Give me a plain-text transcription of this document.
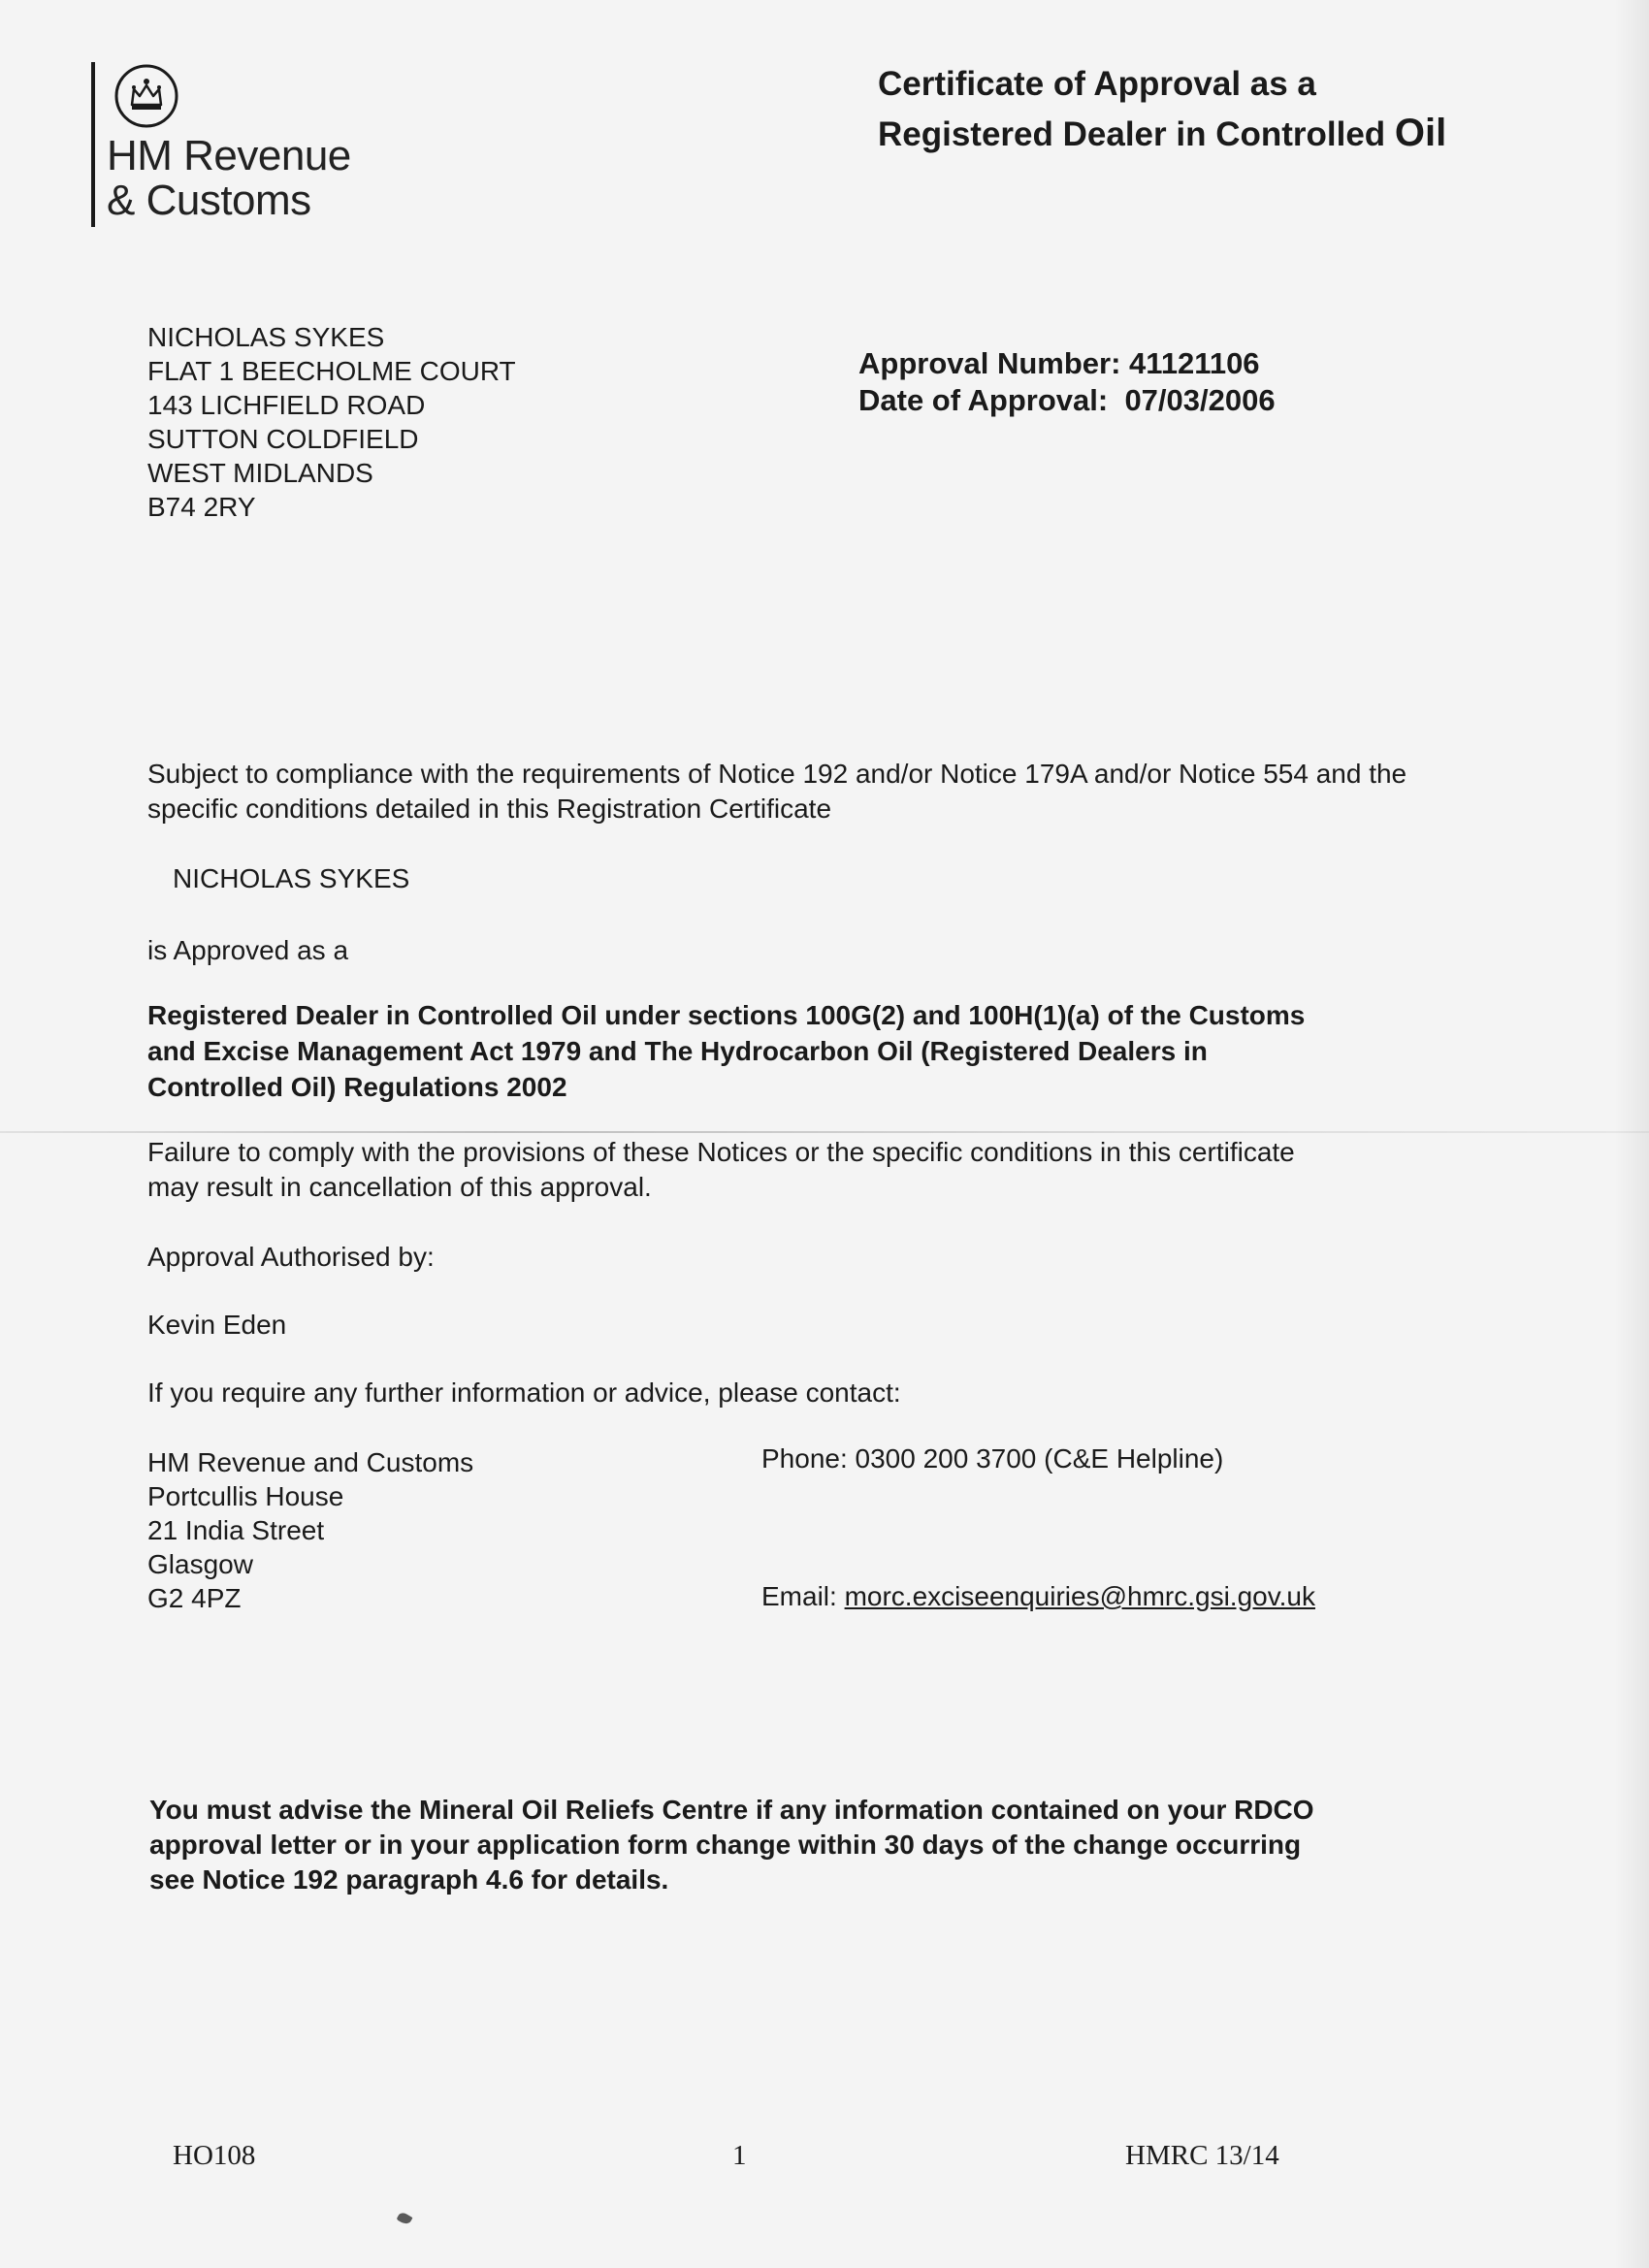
HM Revenue
& Customs
Certificate of Approval as a
Registered Dealer in Controlled Oil
NICHOLAS SYKES
FLAT 1 BEECHOLME COURT
143 LICHFIELD ROAD
SUTTON COLDFIELD
WEST MIDLANDS
B74 2RY
Approval Number: 41121106
Date of Approval: 07/03/2006
Subject to compliance with the requirements of Notice 192 and/or Notice 179A and/or Notice 554 and the specific conditions detailed in this Registration Certificate
NICHOLAS SYKES
is Approved as a
Registered Dealer in Controlled Oil under sections 100G(2) and 100H(1)(a) of the Customs
and Excise Management Act 1979 and The Hydrocarbon Oil (Registered Dealers in
Controlled Oil) Regulations 2002
Failure to comply with the provisions of these Notices or the specific conditions in this certificate
may result in cancellation of this approval.
Approval Authorised by:
Kevin Eden
If you require any further information or advice, please contact:
HM Revenue and Customs
Portcullis House
21 India Street
Glasgow
G2 4PZ
Phone: 0300 200 3700 (C&E Helpline)
Email: morc.exciseenquiries@hmrc.gsi.gov.uk
You must advise the Mineral Oil Reliefs Centre if any information contained on your RDCO
approval letter or in your application form change within 30 days of the change occurring
see Notice 192 paragraph 4.6 for details.
HO108	1	HMRC 13/14
